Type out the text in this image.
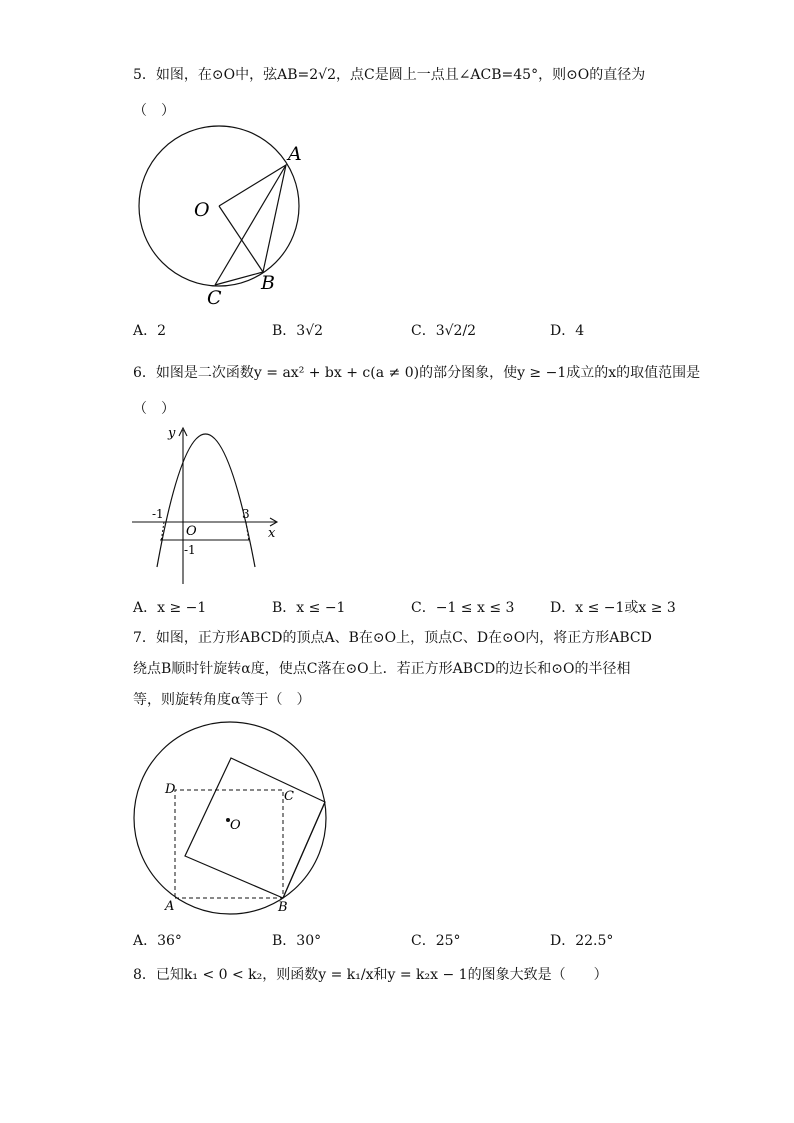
5．如图，在⊙O中，弦AB=2√2，点C是圆上一点且∠ACB=45°，则⊙O的直径为
（　）
A
O
B
C
A．2	B．3√2	C．3√2/2	D．4
6．如图是二次函数y = ax² + bx + c(a ≠ 0)的部分图象，使y ≥ −1成立的x的取值范围是
（　）
y
x
O
-1	3
-1
A．x ≥ −1	B．x ≤ −1	C．−1 ≤ x ≤ 3	D．x ≤ −1或x ≥ 3
7．如图，正方形ABCD的顶点A、B在⊙O上，顶点C、D在⊙O内，将正方形ABCD
绕点B顺时针旋转α度，使点C落在⊙O上．若正方形ABCD的边长和⊙O的半径相
等，则旋转角度α等于（　）
D	C
O
A	B
A．36°	B．30°	C．25°	D．22.5°
8．已知k₁ < 0 < k₂，则函数y = k₁/x和y = k₂x − 1的图象大致是（　　）
